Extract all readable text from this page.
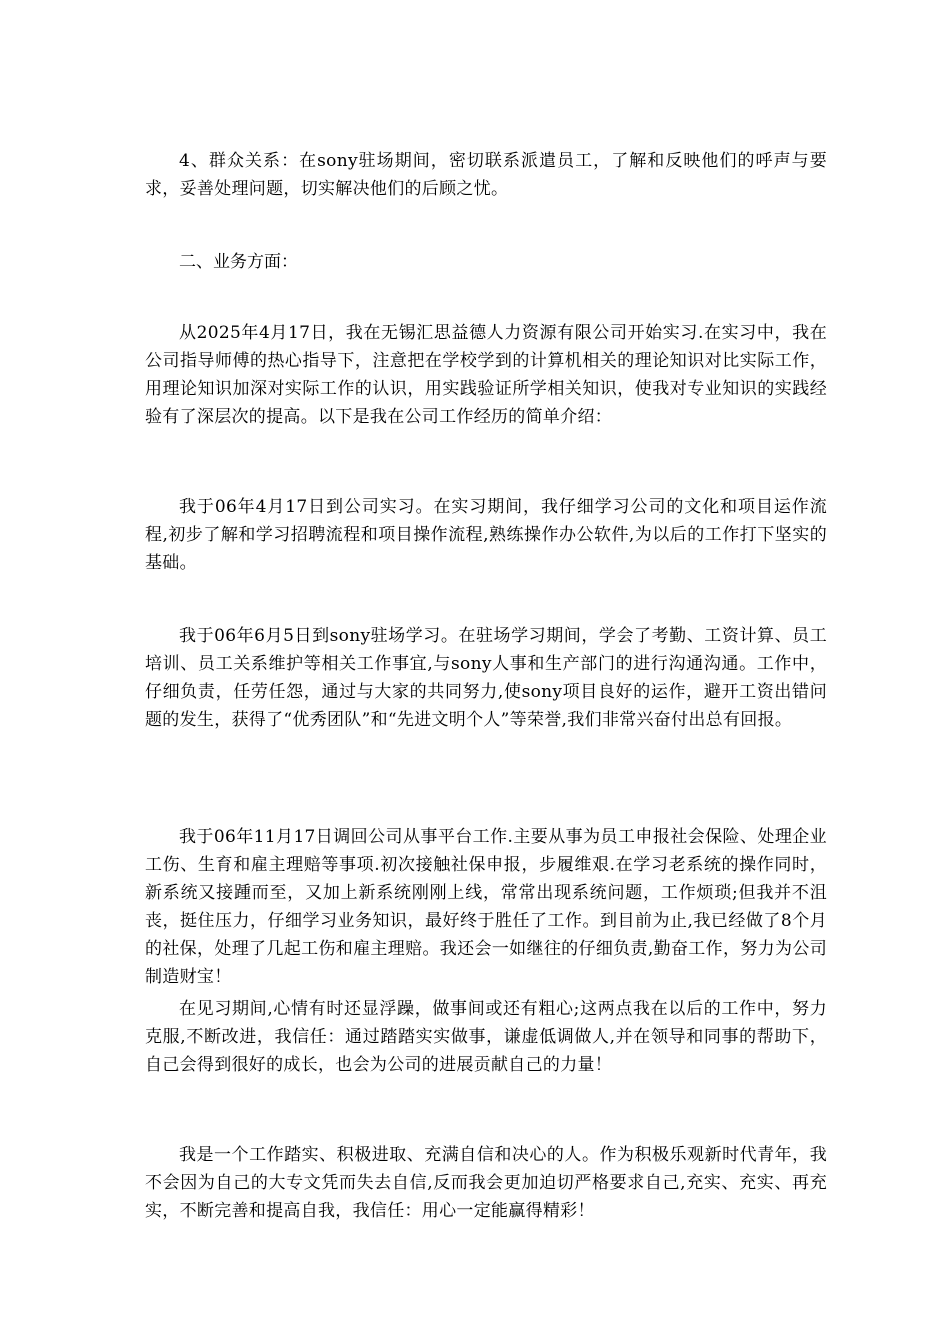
4、群众关系：在sony驻场期间，密切联系派遣员工，了解和反映他们的呼声与要求，妥善处理问题，切实解决他们的后顾之忧。

二、业务方面：

从2025年4月17日，我在无锡汇思益德人力资源有限公司开始实习.在实习中，我在公司指导师傅的热心指导下，注意把在学校学到的计算机相关的理论知识对比实际工作，用理论知识加深对实际工作的认识，用实践验证所学相关知识，使我对专业知识的实践经验有了深层次的提高。以下是我在公司工作经历的简单介绍：

我于06年4月17日到公司实习。在实习期间，我仔细学习公司的文化和项目运作流程,初步了解和学习招聘流程和项目操作流程,熟练操作办公软件,为以后的工作打下坚实的基础。

我于06年6月5日到sony驻场学习。在驻场学习期间，学会了考勤、工资计算、员工培训、员工关系维护等相关工作事宜,与sony人事和生产部门的进行沟通沟通。工作中，仔细负责，任劳任怨，通过与大家的共同努力,使sony项目良好的运作，避开工资出错问题的发生，获得了“优秀团队”和“先进文明个人”等荣誉,我们非常兴奋付出总有回报。

我于06年11月17日调回公司从事平台工作.主要从事为员工申报社会保险、处理企业工伤、生育和雇主理赔等事项.初次接触社保申报，步履维艰.在学习老系统的操作同时，新系统又接踵而至，又加上新系统刚刚上线，常常出现系统问题，工作烦琐;但我并不沮丧，挺住压力，仔细学习业务知识，最好终于胜任了工作。到目前为止,我已经做了8个月的社保，处理了几起工伤和雇主理赔。我还会一如继往的仔细负责,勤奋工作，努力为公司制造财宝！

在见习期间,心情有时还显浮躁，做事间或还有粗心;这两点我在以后的工作中，努力克服,不断改进，我信任：通过踏踏实实做事，谦虚低调做人,并在领导和同事的帮助下，自己会得到很好的成长，也会为公司的进展贡献自己的力量！

我是一个工作踏实、积极进取、充满自信和决心的人。作为积极乐观新时代青年，我不会因为自己的大专文凭而失去自信,反而我会更加迫切严格要求自己,充实、充实、再充实，不断完善和提高自我，我信任：用心一定能赢得精彩！
